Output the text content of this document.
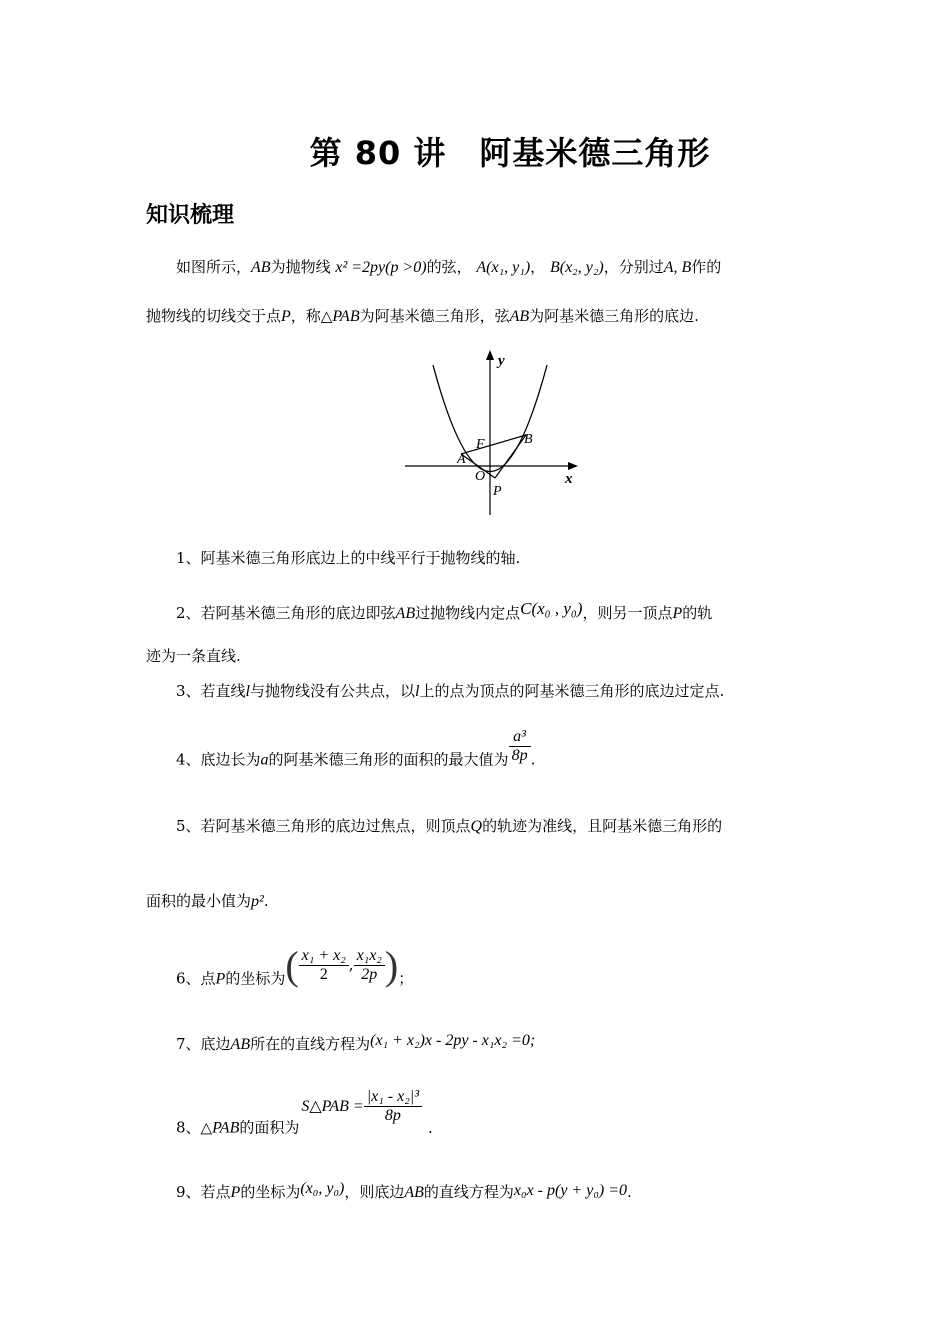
第 80 讲　阿基米德三角形
知识梳理
如图所示，AB为抛物线 x² =2py(p >0)的弦， A(x₁, y₁)， B(x₂, y₂)，分别过A, B作的
抛物线的切线交于点P，称△PAB为阿基米德三角形，弦AB为阿基米德三角形的底边.
y
x
F	B
A
O
P
1、阿基米德三角形底边上的中线平行于抛物线的轴.
2、若阿基米德三角形的底边即弦AB过抛物线内定点C(x₀ , y₀)，则另一顶点P的轨
迹为一条直线.
3、若直线l与抛物线没有公共点，以l上的点为顶点的阿基米德三角形的底边过定点.
4、底边长为a的阿基米德三角形的面积的最大值为 $\frac{\text{a³}}{8p}$ .
5、若阿基米德三角形的底边过焦点，则顶点Q的轨迹为准线，且阿基米德三角形的
面积的最小值为p².
6、点P的坐标为( $\frac{\text{x₁ + x₂}}{2}$ , $\frac{\text{x₁x₂}}{2p}$ )；
7、底边AB所在的直线方程为(x₁ + x₂)x - 2py - x₁x₂ =0;
8、△PAB的面积为S△PAB = $\frac{\text{|x₁ - x₂|³}}{8p}$
.
9、若点P的坐标为(x₀, y₀)，则底边AB的直线方程为x₀x - p(y + y₀) =0.
